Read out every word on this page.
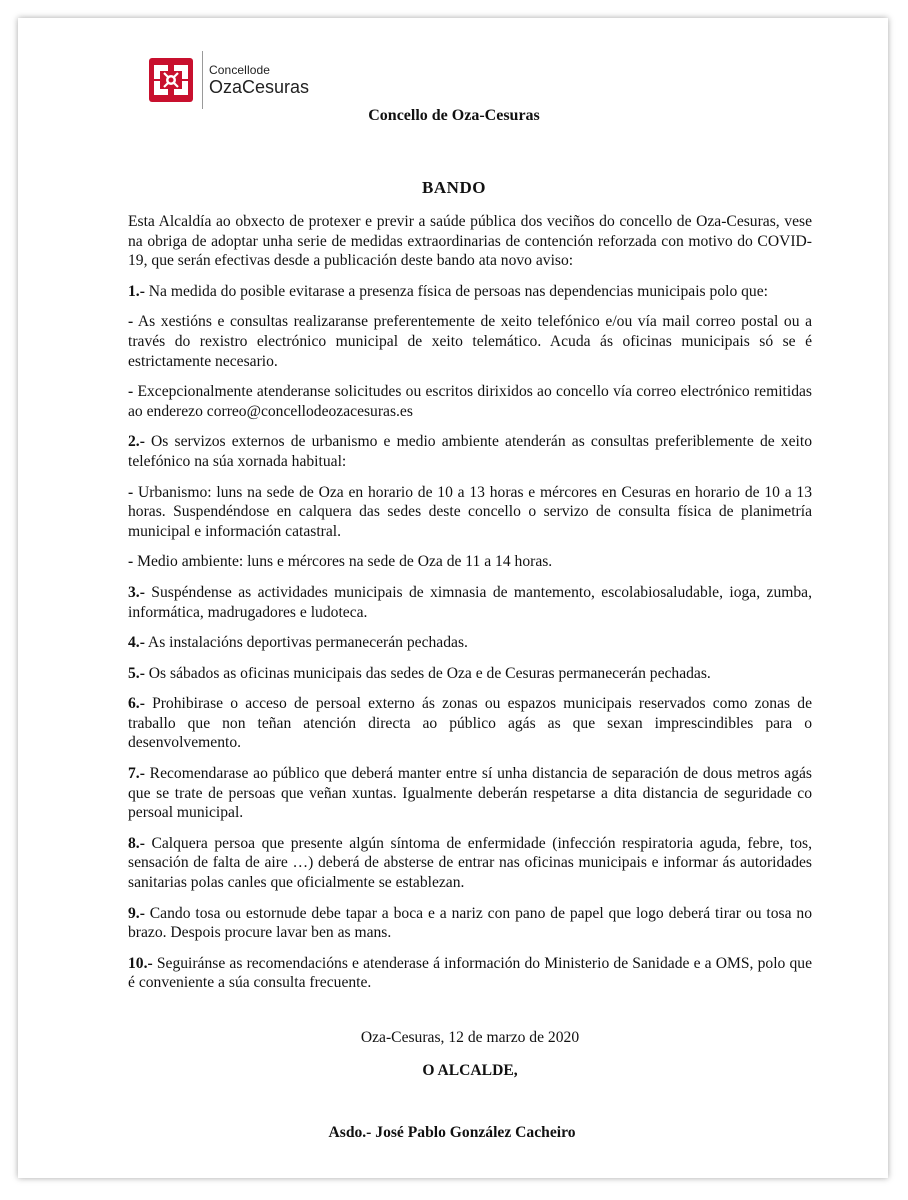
Concellode
OzaCesuras
Concello de Oza-Cesuras
BANDO

Esta Alcaldía ao obxecto de protexer e previr a saúde pública dos veciños do concello de Oza-Cesuras, vese na obriga de adoptar unha serie de medidas extraordinarias de contención reforzada con motivo do COVID-19, que serán efectivas desde a publicación deste bando ata novo aviso:

1.- Na medida do posible evitarase a presenza física de persoas nas dependencias municipais polo que:

- As xestións e consultas realizaranse preferentemente de xeito telefónico e/ou vía mail correo postal ou a través do rexistro electrónico municipal de xeito telemático. Acuda ás oficinas municipais só se é estrictamente necesario.

- Excepcionalmente atenderanse solicitudes ou escritos dirixidos ao concello vía correo electrónico remitidas ao enderezo correo@concellodeozacesuras.es

2.- Os servizos externos de urbanismo e medio ambiente atenderán as consultas preferiblemente de xeito telefónico na súa xornada habitual:

- Urbanismo: luns na sede de Oza en horario de 10 a 13 horas e mércores en Cesuras en horario de 10 a 13 horas. Suspendéndose en calquera das sedes deste concello o servizo de consulta física de planimetría municipal e información catastral.

- Medio ambiente: luns e mércores na sede de Oza de 11 a 14 horas.

3.- Suspéndense as actividades municipais de ximnasia de mantemento, escolabiosaludable, ioga, zumba, informática, madrugadores e ludoteca.

4.- As instalacións deportivas permanecerán pechadas.

5.- Os sábados as oficinas municipais das sedes de Oza e de Cesuras permanecerán pechadas.

6.- Prohibirase o acceso de persoal externo ás zonas ou espazos municipais reservados como zonas de traballo que non teñan atención directa ao público agás as que sexan imprescindibles para o desenvolvemento.

7.- Recomendarase ao público que deberá manter entre sí unha distancia de separación de dous metros agás que se trate de persoas que veñan xuntas. Igualmente deberán respetarse a dita distancia de seguridade co persoal municipal.

8.- Calquera persoa que presente algún síntoma de enfermidade (infección respiratoria aguda, febre, tos, sensación de falta de aire …) deberá de absterse de entrar nas oficinas municipais e informar ás autoridades sanitarias polas canles que oficialmente se establezan.

9.- Cando tosa ou estornude debe tapar a boca e a nariz con pano de papel que logo deberá tirar ou tosa no brazo. Despois procure lavar ben as mans.

10.- Seguiránse as recomendacións e atenderase á información do Ministerio de Sanidade e a OMS, polo que é conveniente a súa consulta frecuente.

Oza-Cesuras, 12 de marzo de 2020
O ALCALDE,
Asdo.- José Pablo González Cacheiro
